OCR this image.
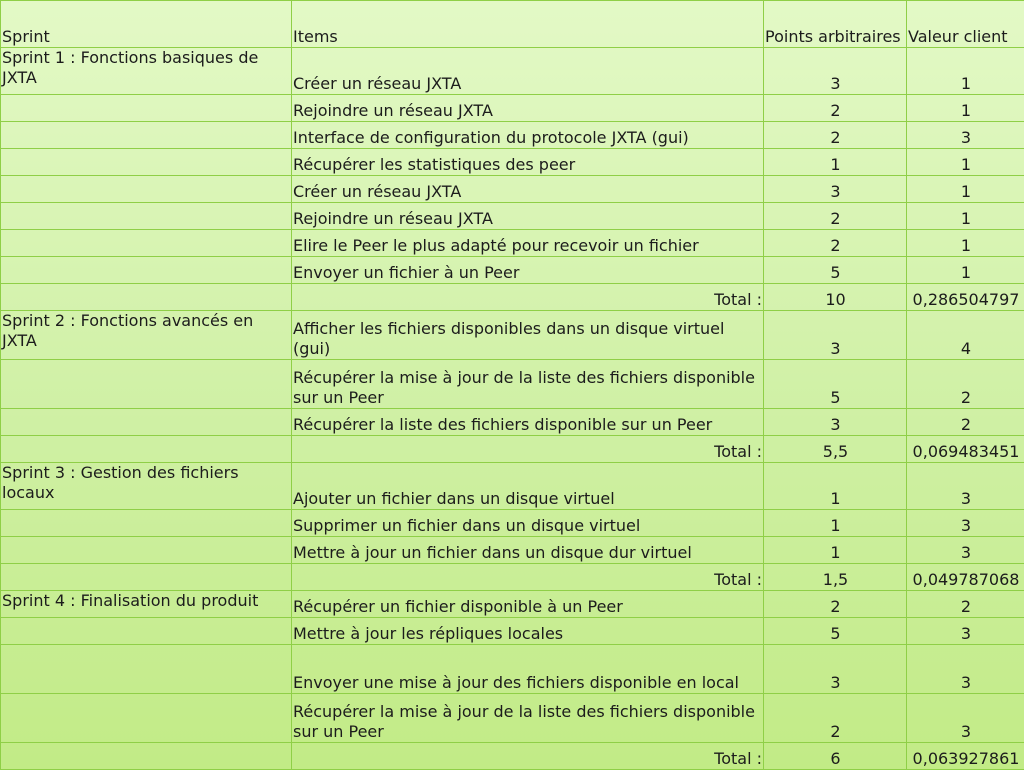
Sprint	Items	Points arbitraires	Valeur client
Sprint 1 : Fonctions basiques de JXTA	Créer un réseau JXTA	3	1
	Rejoindre un réseau JXTA	2	1
	Interface de configuration du protocole JXTA (gui)	2	3
	Récupérer les statistiques des peer	1	1
	Créer un réseau JXTA	3	1
	Rejoindre un réseau JXTA	2	1
	Elire le Peer le plus adapté pour recevoir un fichier	2	1
	Envoyer un fichier à un Peer	5	1
	Total :	10	0,286504797
Sprint 2 : Fonctions avancés en JXTA	Afficher les fichiers disponibles dans un disque virtuel (gui)	3	4
	Récupérer la mise à jour de la liste des fichiers disponible sur un Peer	5	2
	Récupérer la liste des fichiers disponible sur un Peer	3	2
	Total :	5,5	0,069483451
Sprint 3 : Gestion des fichiers locaux	Ajouter un fichier dans un disque virtuel	1	3
	Supprimer un fichier dans un disque virtuel	1	3
	Mettre à jour un fichier dans un disque dur virtuel	1	3
	Total :	1,5	0,049787068
Sprint 4 : Finalisation du produit	Récupérer un fichier disponible à un Peer	2	2
	Mettre à jour les répliques locales	5	3
	Envoyer une mise à jour des fichiers disponible en local	3	3
	Récupérer la mise à jour de la liste des fichiers disponible sur un Peer	2	3
	Total :	6	0,063927861
